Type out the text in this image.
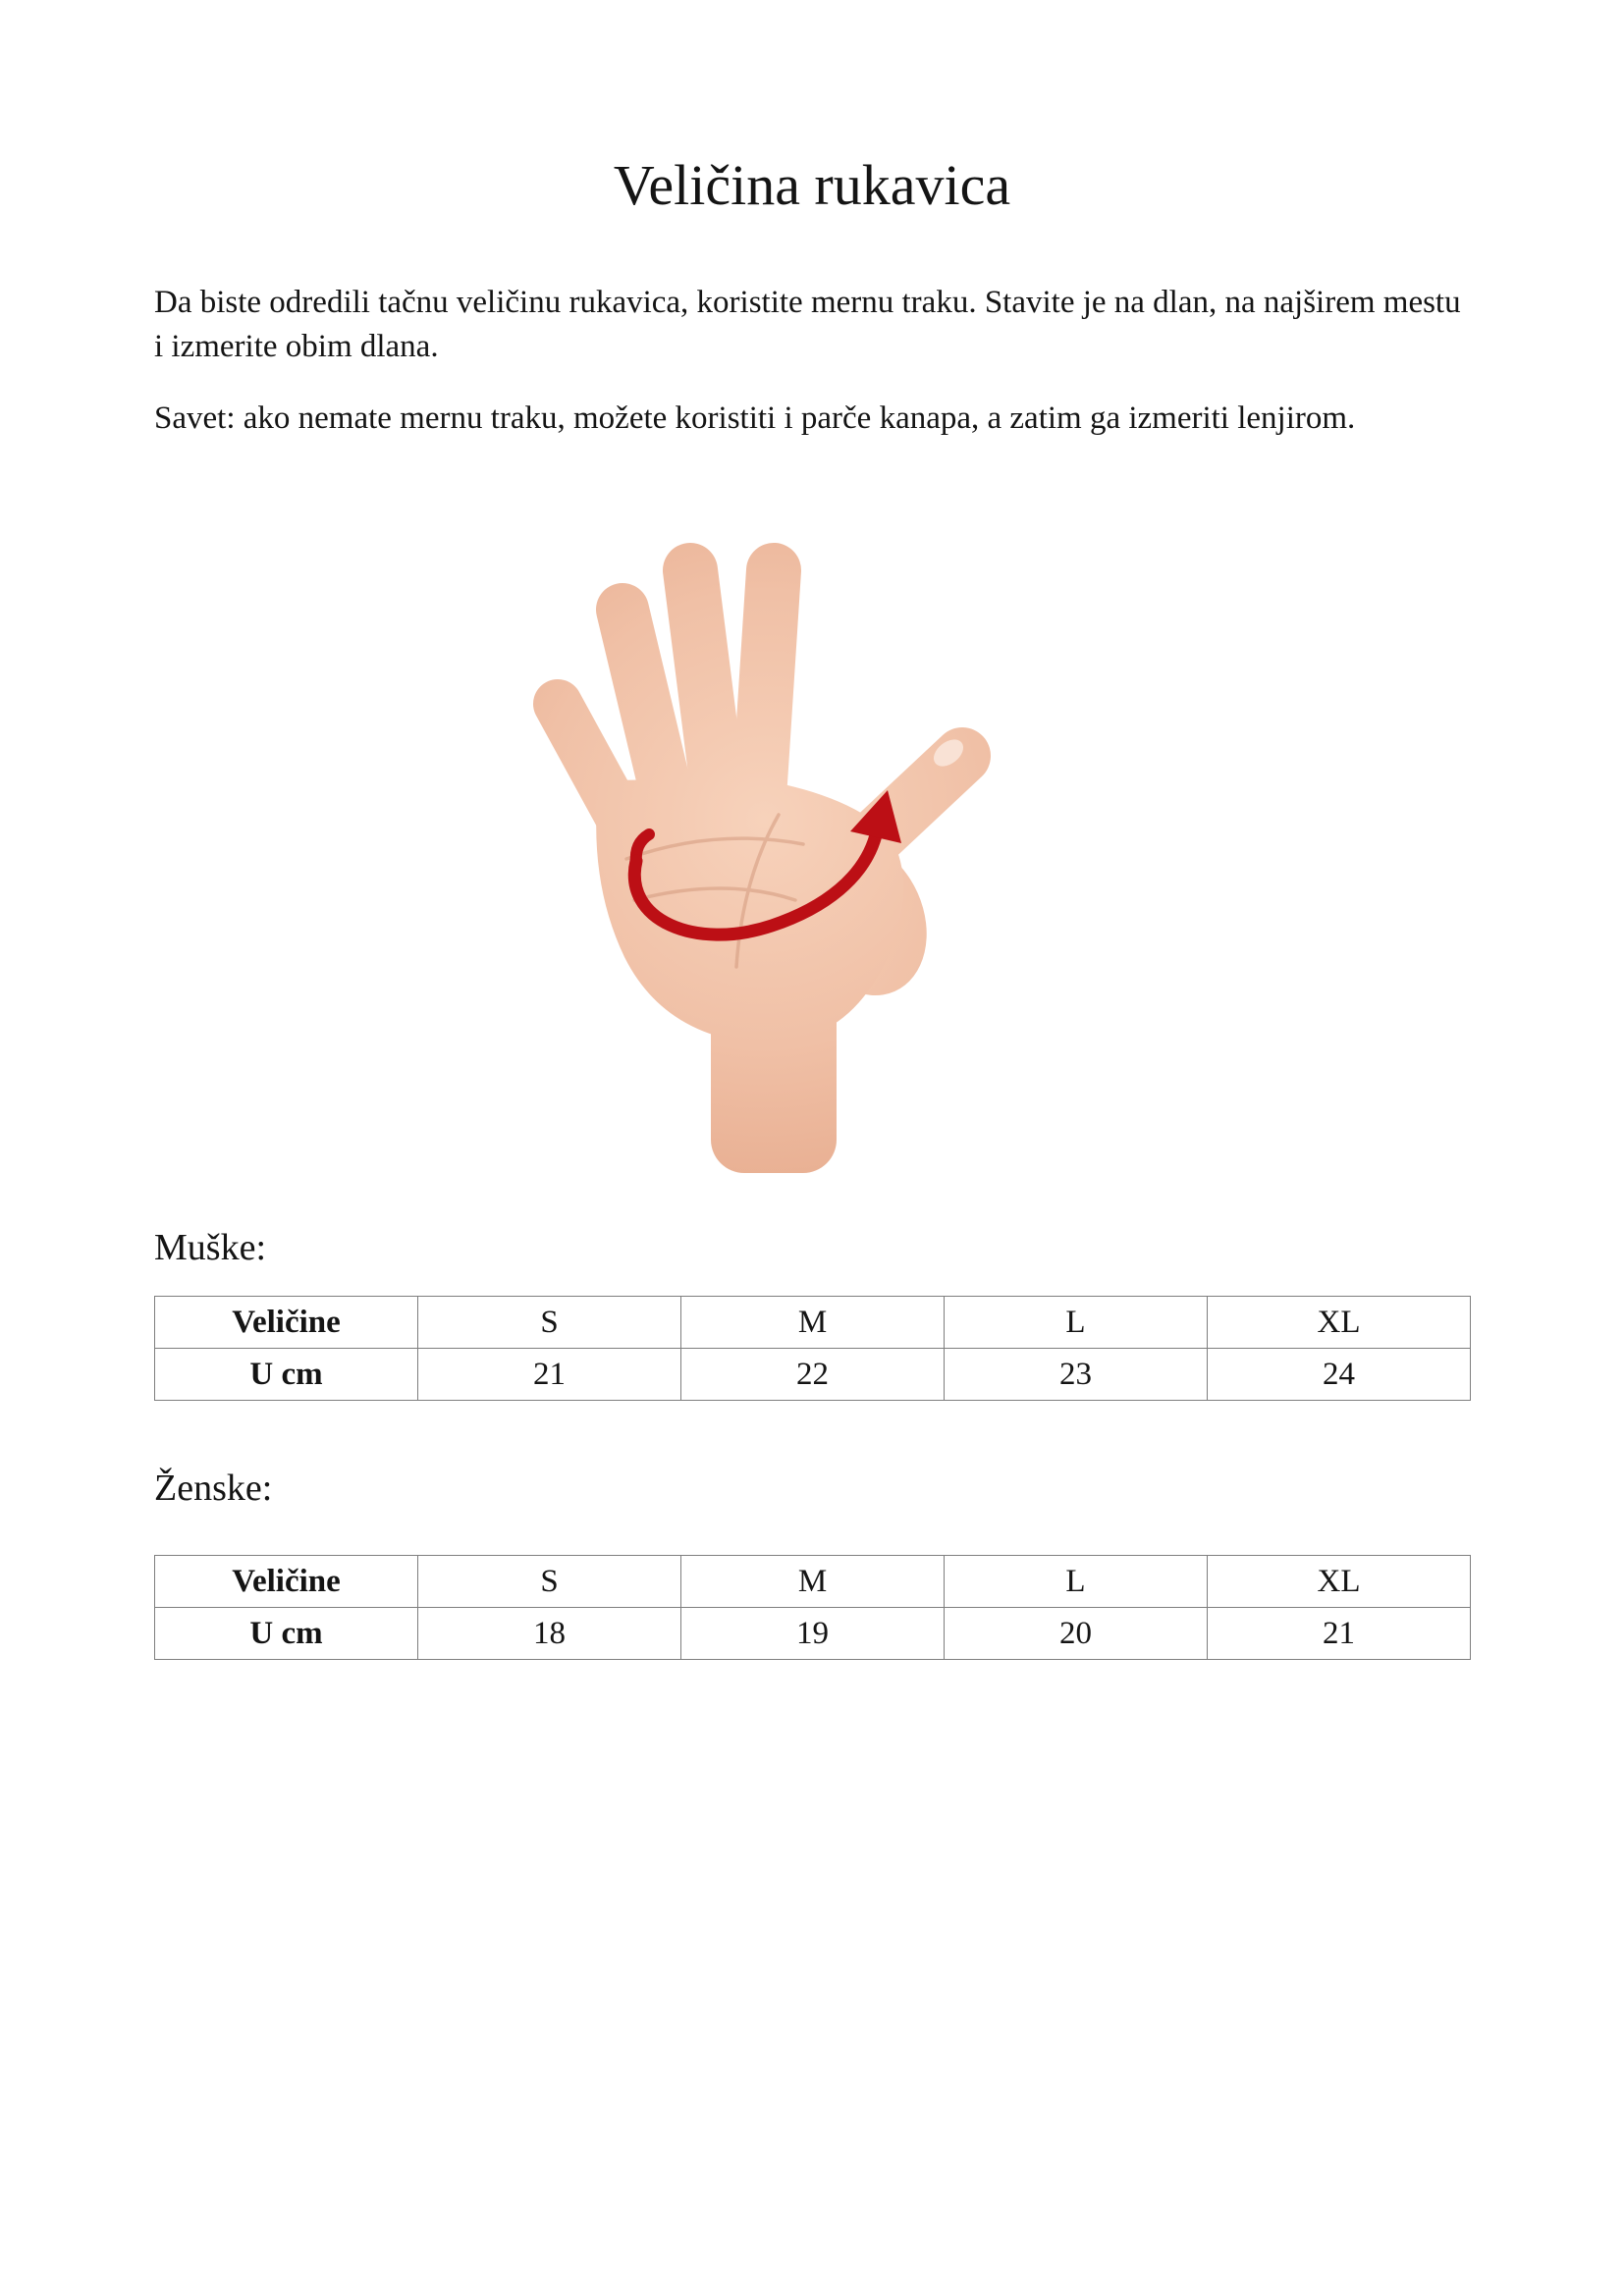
Veličina rukavica

Da biste odredili tačnu veličinu rukavica, koristite mernu traku. Stavite je na dlan, na najširem mestu i izmerite obim dlana.

Savet: ako nemate mernu traku, možete koristiti i parče kanapa, a zatim ga izmeriti lenjirom.

Muške:
Veličine	S	M	L	XL
U cm	21	22	23	24
Ženske:
Veličine	S	M	L	XL
U cm	18	19	20	21
